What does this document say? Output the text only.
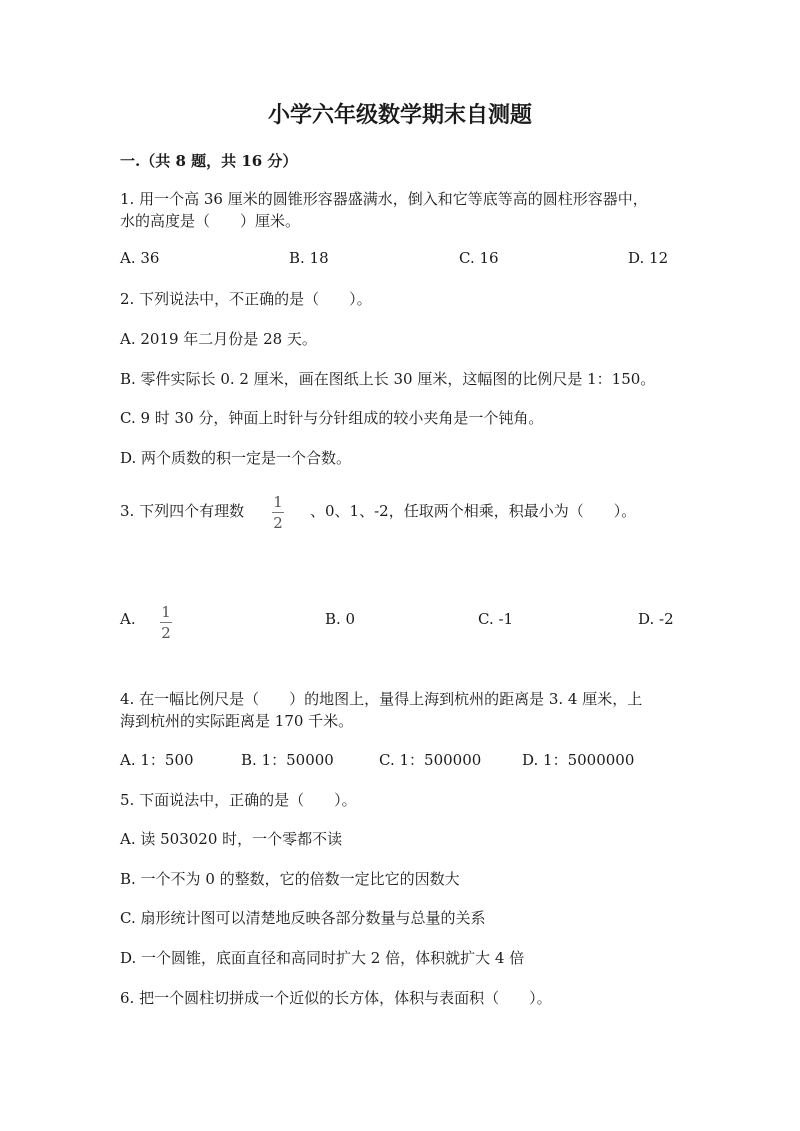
小学六年级数学期末自测题
一.（共 8 题，共 16 分）
1. 用一个高 36 厘米的圆锥形容器盛满水，倒入和它等底等高的圆柱形容器中，
水的高度是（　　）厘米。
A. 36	B. 18	C. 16	D. 12
2. 下列说法中，不正确的是（　　）。
A. 2019 年二月份是 28 天。
B. 零件实际长 0. 2 厘米，画在图纸上长 30 厘米，这幅图的比例尺是 1：150。
C. 9 时 30 分，钟面上时针与分针组成的较小夹角是一个钝角。
D. 两个质数的积一定是一个合数。
3. 下列四个有理数 1
2
、0、1、-2，任取两个相乘，积最小为（　　）。
A. 1
2
B. 0	C. -1	D. -2
4. 在一幅比例尺是（　　）的地图上，量得上海到杭州的距离是 3. 4 厘米，上
海到杭州的实际距离是 170 千米。
A. 1：500	B. 1：50000	C. 1：500000	D. 1：5000000
5. 下面说法中，正确的是（　　）。
A. 读 503020 时，一个零都不读
B. 一个不为 0 的整数，它的倍数一定比它的因数大
C. 扇形统计图可以清楚地反映各部分数量与总量的关系
D. 一个圆锥，底面直径和高同时扩大 2 倍，体积就扩大 4 倍
6. 把一个圆柱切拼成一个近似的长方体，体积与表面积（　　）。
